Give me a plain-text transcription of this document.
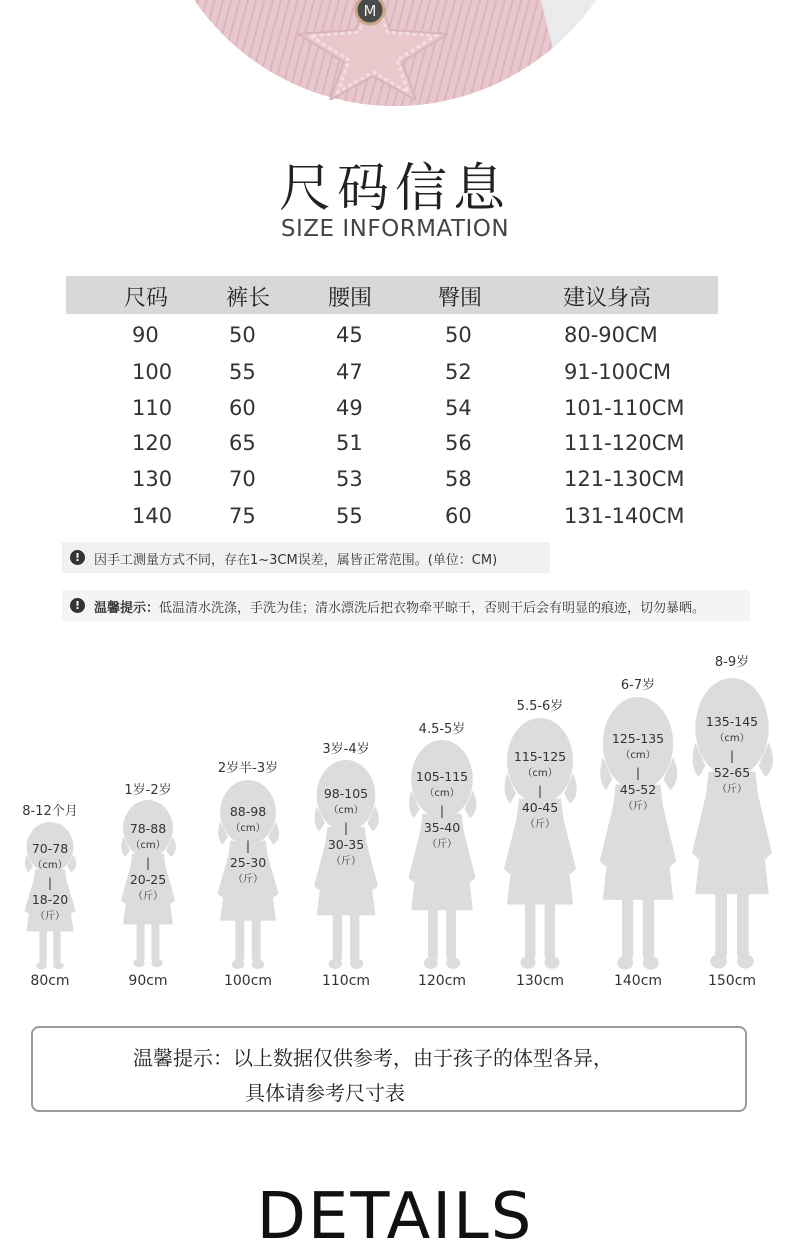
M
尺码信息
SIZE INFORMATION
尺码	裤长	腰围	臀围	建议身高
90	50	45	50	80-90CM
100	55	47	52	91-100CM
110	60	49	54	101-110CM
120	65	51	56	111-120CM
130	70	53	58	121-130CM
140	75	55	60	131-140CM
!	因手工测量方式不同，存在1~3CM误差，属皆正常范围。(单位：CM)
!	温馨提示：低温清水洗涤，手洗为佳；清水漂洗后把衣物牵平晾干，否则干后会有明显的痕迹，切勿暴晒。
8-12个月
70-78
（cm）
|
18-20
（斤）
80cm
1岁-2岁
78-88
（cm）
|
20-25
（斤）
90cm
2岁半-3岁
88-98
（cm）
|
25-30
（斤）
100cm
3岁-4岁
98-105
（cm）
|
30-35
（斤）
110cm
4.5-5岁
105-115
（cm）
|
35-40
（斤）
120cm
5.5-6岁
115-125
（cm）
|
40-45
（斤）
130cm
6-7岁
125-135
（cm）
|
45-52
（斤）
140cm
8-9岁
135-145
（cm）
|
52-65
（斤）
150cm
温馨提示：以上数据仅供参考，由于孩子的体型各异，
具体请参考尺寸表
DETAILS
